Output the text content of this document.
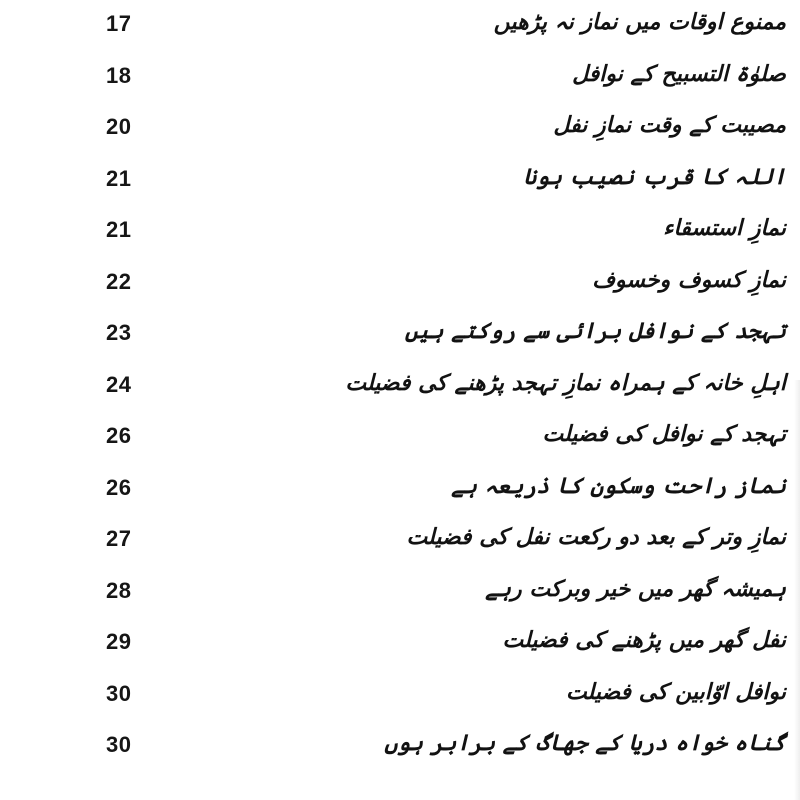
17	ممنوع اوقات میں نماز نہ پڑھیں
18	صلوٰۃ التسبیح کے نوافل
20	مصیبت کے وقت نمازِ نفل
21	اللہ کا قرب نصیب ہونا
21	نمازِ استسقاء
22	نمازِ کسوف وخسوف
23	تہجد کے نوافل برائی سے روکتے ہیں
24	اہلِ خانہ کے ہمراہ نمازِ تہجد پڑھنے کی فضیلت
26	تہجد کے نوافل کی فضیلت
26	نماز راحت وسکون کا ذریعہ ہے
27	نمازِ وتر کے بعد دو رکعت نفل کی فضیلت
28	ہمیشہ گھر میں خیر وبرکت رہے
29	نفل گھر میں پڑھنے کی فضیلت
30	نوافل اوّابین کی فضیلت
30	گناہ خواہ دریا کے جھاگ کے برابر ہوں
